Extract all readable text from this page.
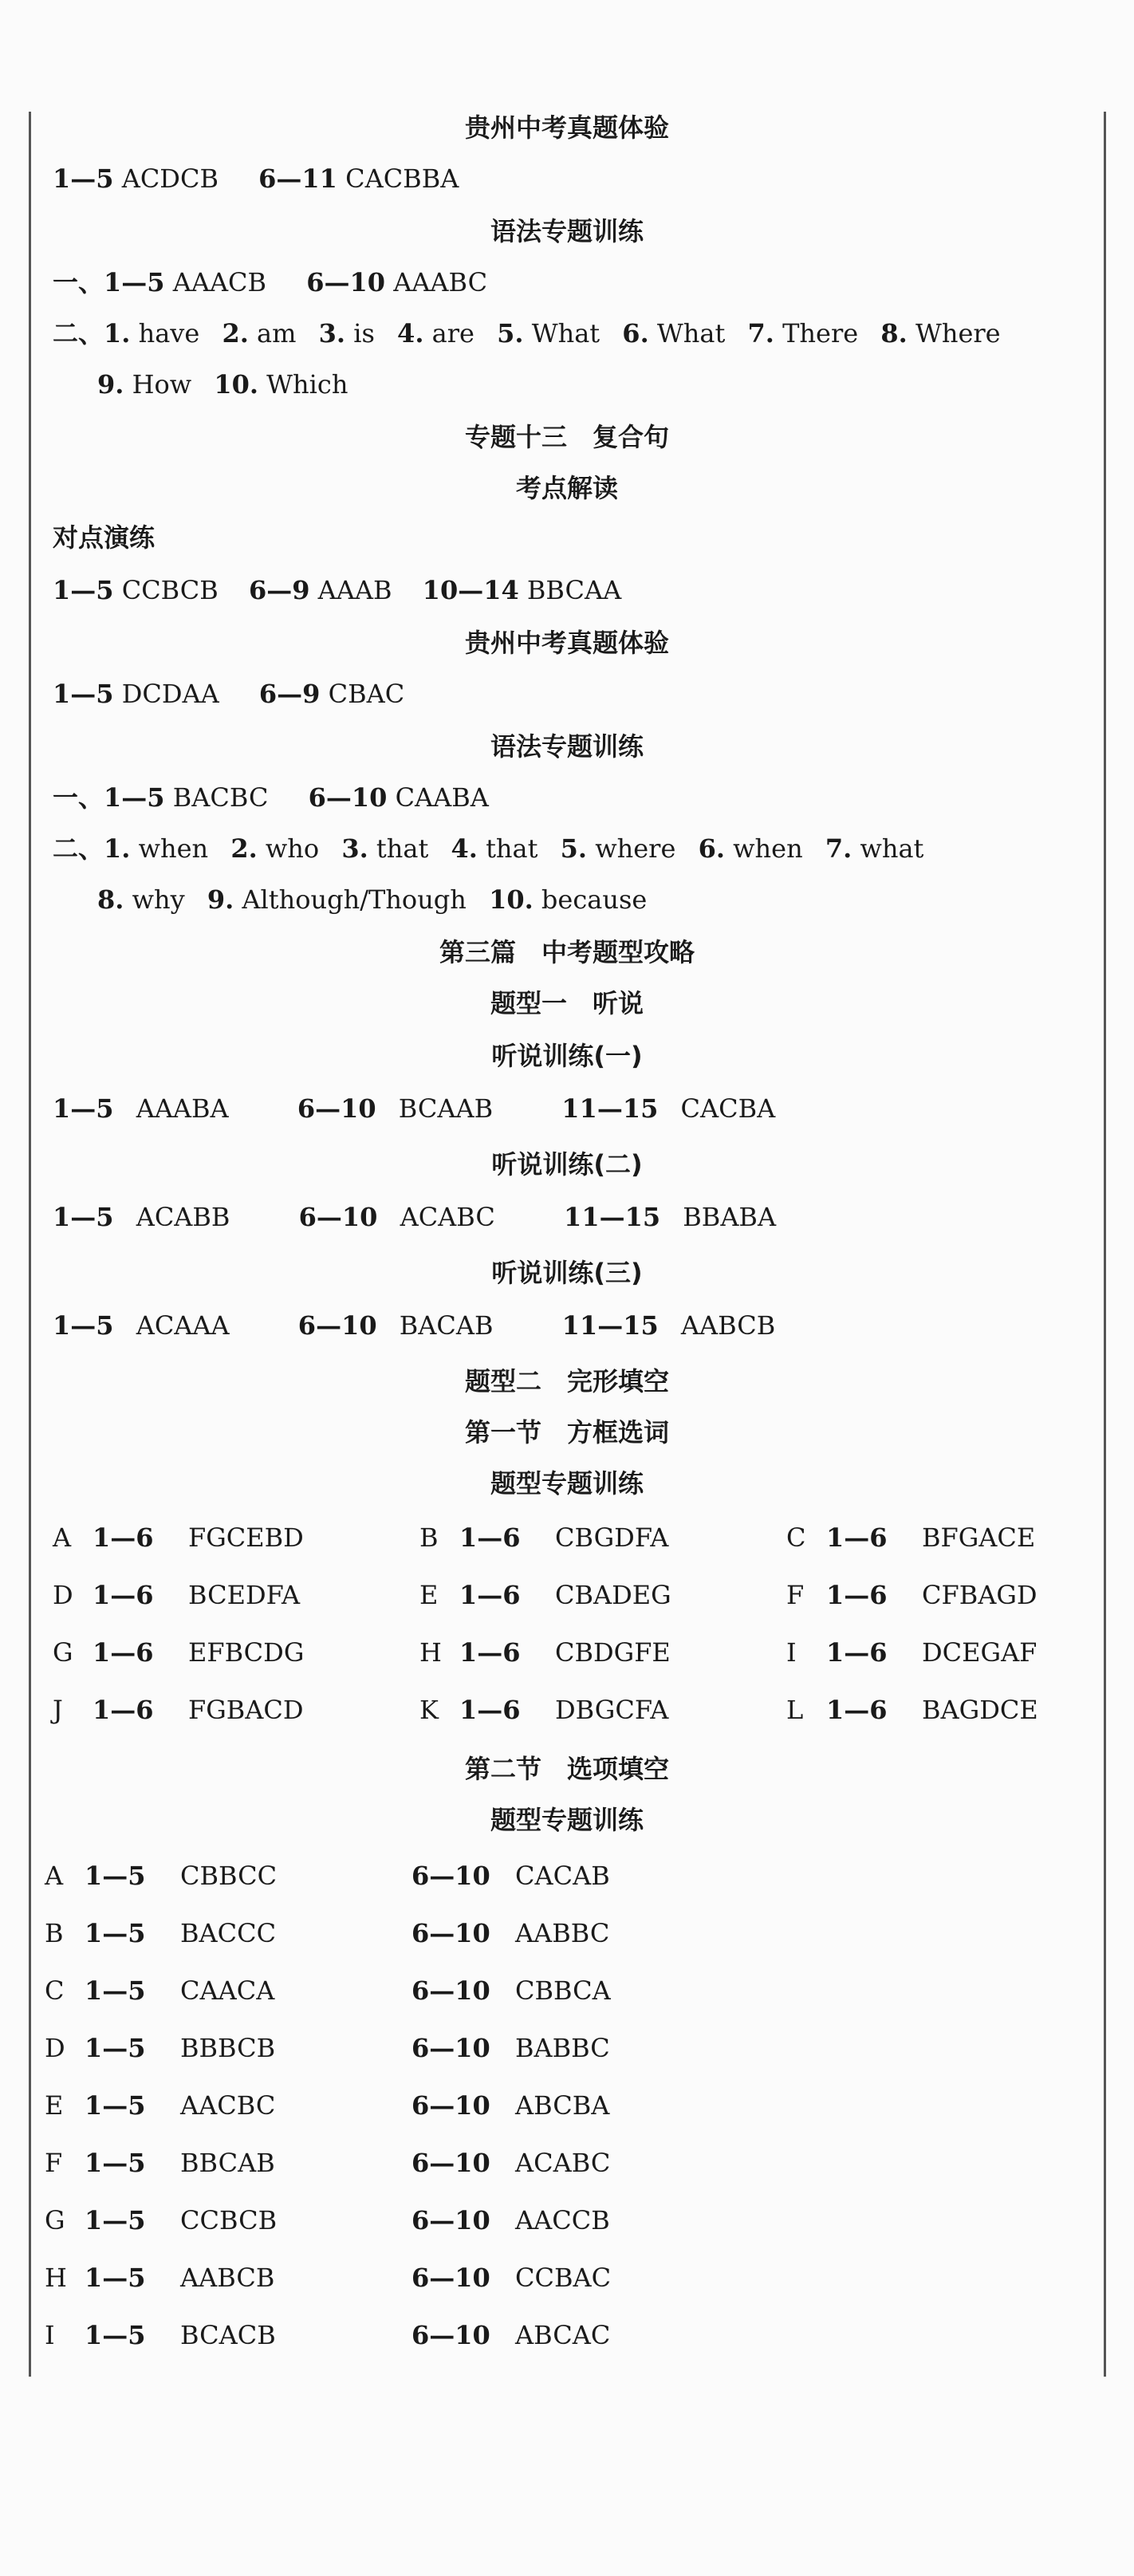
贵州中考真题体验
1—5 ACDCB 6—11 CACBBA
语法专题训练
一、1—5 AAACB 6—10 AAABC
二、1. have 2. am 3. is 4. are 5. What 6. What 7. There 8. Where
9. How 10. Which
专题十三　复合句
考点解读
对点演练
1—5 CCBCB 6—9 AAAB 10—14 BBCAA
贵州中考真题体验
1—5 DCDAA 6—9 CBAC
语法专题训练
一、1—5 BACBC 6—10 CAABA
二、1. when 2. who 3. that 4. that 5. where 6. when 7. what
8. why 9. Although/Though 10. because
第三篇　中考题型攻略
题型一　听说
听说训练(一)
1—5 AAABA	6—10 BCAAB	11—15 CACBA
听说训练(二)
1—5 ACABB	6—10 ACABC	11—15 BBABA
听说训练(三)
1—5 ACAAA	6—10 BACAB	11—15 AABCB
题型二　完形填空
第一节　方框选词
题型专题训练
A 1—6 FGCEBD	B 1—6 CBGDFA	C 1—6 BFGACE
D 1—6 BCEDFA	E 1—6 CBADEG	F 1—6 CFBAGD
G 1—6 EFBCDG	H 1—6 CBDGFE	I 1—6 DCEGAF
J 1—6 FGBACD	K 1—6 DBGCFA	L 1—6 BAGDCE
第二节　选项填空
题型专题训练
A 1—5 CBBCC	6—10 CACAB
B 1—5 BACCC	6—10 AABBC
C 1—5 CAACA	6—10 CBBCA
D 1—5 BBBCB	6—10 BABBC
E 1—5 AACBC	6—10 ABCBA
F 1—5 BBCAB	6—10 ACABC
G 1—5 CCBCB	6—10 AACCB
H 1—5 AABCB	6—10 CCBAC
I 1—5 BCACB	6—10 ABCAC
